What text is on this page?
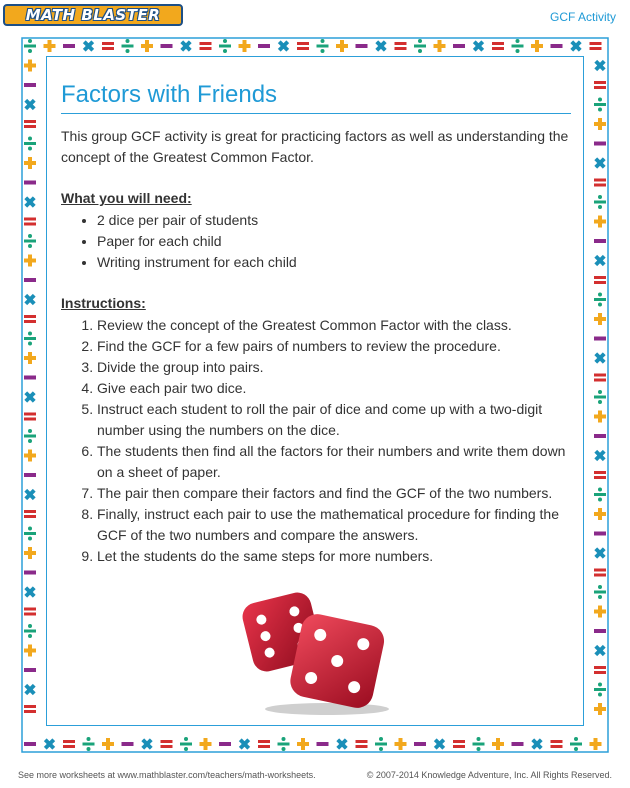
MATH BLASTER	GCF Activity
Factors with Friends

This group GCF activity is great for practicing factors as well as understanding the concept of the Greatest Common Factor.

What you will need:
• 2 dice per pair of students
• Paper for each child
• Writing instrument for each child
Instructions:
1. Review the concept of the Greatest Common Factor with the class.
2. Find the GCF for a few pairs of numbers to review the procedure.
3. Divide the group into pairs.
4. Give each pair two dice.
5. Instruct each student to roll the pair of dice and come up with a two-digit number using the numbers on the dice.
6. The students then find all the factors for their numbers and write them down on a sheet of paper.
7. The pair then compare their factors and find the GCF of the two numbers.
8. Finally, instruct each pair to use the mathematical procedure for finding the GCF of the two numbers and compare the answers.
9. Let the students do the same steps for more numbers.
See more worksheets at www.mathblaster.com/teachers/math-worksheets.	© 2007-2014 Knowledge Adventure, Inc. All Rights Reserved.
